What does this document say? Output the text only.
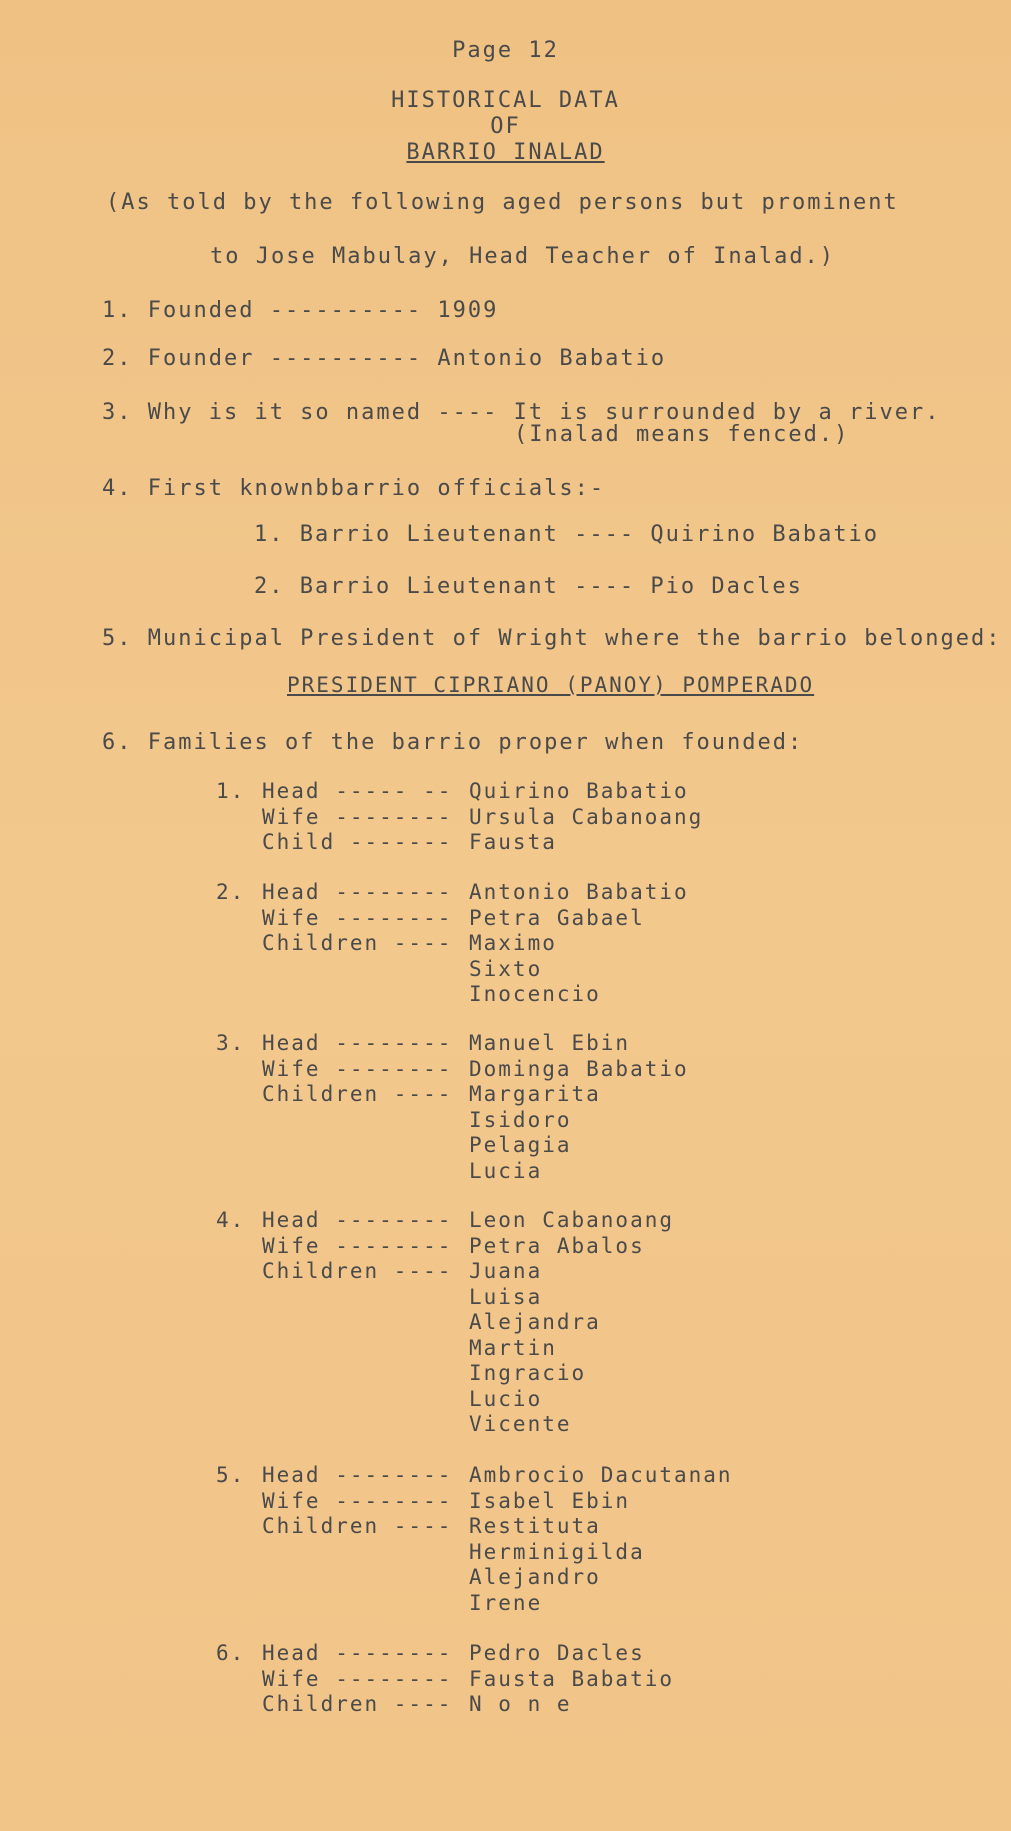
Page 12
HISTORICAL DATA
OF
BARRIO INALAD
(As told by the following aged persons but prominent
to Jose Mabulay, Head Teacher of Inalad.)
1. Founded ---------- 1909
2. Founder ---------- Antonio Babatio
3. Why is it so named ---- It is surrounded by a river.
(Inalad means fenced.)
4. First knownbbarrio officials:-
1. Barrio Lieutenant ---- Quirino Babatio
2. Barrio Lieutenant ---- Pio Dacles
5. Municipal President of Wright where the barrio belonged:
PRESIDENT CIPRIANO (PANOY) POMPERADO
6. Families of the barrio proper when founded:
1. Head ----- -- Quirino Babatio
Wife -------- Ursula Cabanoang
Child ------- Fausta
2. Head -------- Antonio Babatio
Wife -------- Petra Gabael
Children ---- Maximo
Sixto
Inocencio
3. Head -------- Manuel Ebin
Wife -------- Dominga Babatio
Children ---- Margarita
Isidoro
Pelagia
Lucia
4. Head -------- Leon Cabanoang
Wife -------- Petra Abalos
Children ---- Juana
Luisa
Alejandra
Martin
Ingracio
Lucio
Vicente
5. Head -------- Ambrocio Dacutanan
Wife -------- Isabel Ebin
Children ---- Restituta
Herminigilda
Alejandro
Irene
6. Head -------- Pedro Dacles
Wife -------- Fausta Babatio
Children ---- N o n e
